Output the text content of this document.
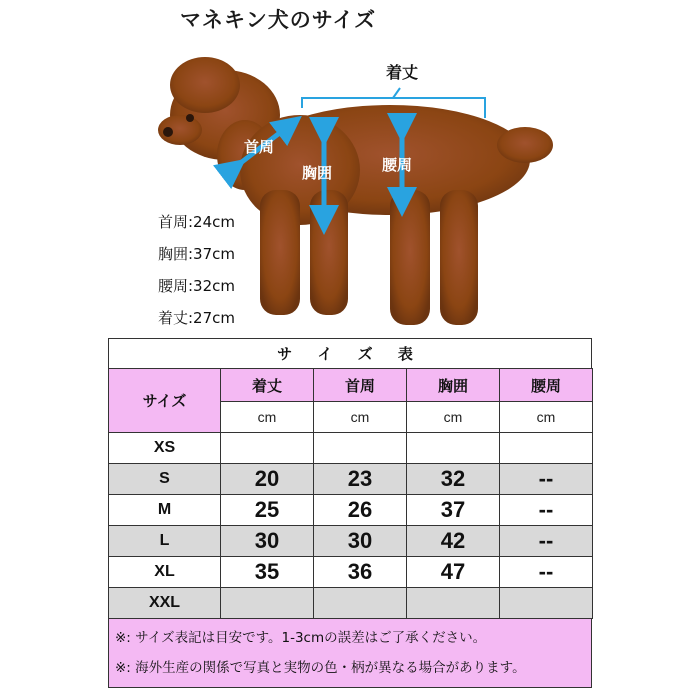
マネキン犬のサイズ
着丈
首周
胸囲	腰周
首周:24cm
胸囲:37cm
腰周:32cm
着丈:27cm
サ イ ズ 表
サイズ	着丈	首周	胸囲	腰周
	cm	cm	cm	cm
XS				
S	20	23	32	--
M	25	26	37	--
L	30	30	42	--
XL	35	36	47	--
XXL				
※: サイズ表記は目安です。1-3cmの誤差はご了承ください。
※: 海外生産の関係で写真と実物の色・柄が異なる場合があります。
